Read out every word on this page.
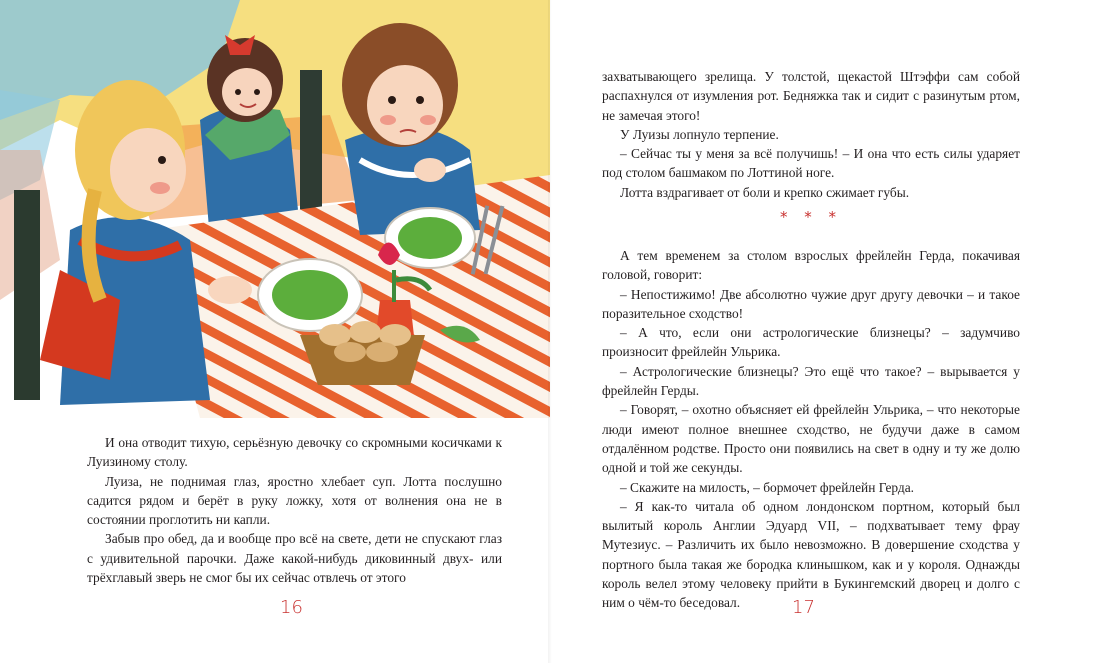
И она отводит тихую, серьёзную девочку со скромными косичками к Луизиному столу.

Луиза, не поднимая глаз, яростно хлебает суп. Лотта послушно садится рядом и берёт в руку ложку, хотя от волнения она не в состоянии проглотить ни капли.

Забыв про обед, да и вообще про всё на свете, дети не спускают глаз с удивительной парочки. Даже какой-нибудь диковинный двух- или трёхглавый зверь не смог бы их сейчас отвлечь от этого

16

захватывающего зрелища. У толстой, щекастой Штэффи сам собой распахнулся от изумления рот. Бедняжка так и сидит с разинутым ртом, не замечая этого!

У Луизы лопнуло терпение.

– Сейчас ты у меня за всё получишь! – И она что есть силы ударяет под столом башмаком по Лоттиной ноге.

Лотта вздрагивает от боли и крепко сжимает губы.

* * *

А тем временем за столом взрослых фрейлейн Герда, покачивая головой, говорит:

– Непостижимо! Две абсолютно чужие друг другу девочки – и такое поразительное сходство!

– А что, если они астрологические близнецы? – задумчиво произносит фрейлейн Ульрика.

– Астрологические близнецы? Это ещё что такое? – вырывается у фрейлейн Герды.

– Говорят, – охотно объясняет ей фрейлейн Ульрика, – что некоторые люди имеют полное внешнее сходство, не будучи даже в самом отдалённом родстве. Просто они появились на свет в одну и ту же долю одной и той же секунды.

– Скажите на милость, – бормочет фрейлейн Герда.

– Я как-то читала об одном лондонском портном, который был вылитый король Англии Эдуард VII, – подхватывает тему фрау Мутезиус. – Различить их было невозможно. В довершение сходства у портного была такая же бородка клинышком, как и у короля. Однажды король велел этому человеку прийти в Букингемский дворец и долго с ним о чём-то беседовал.	17
